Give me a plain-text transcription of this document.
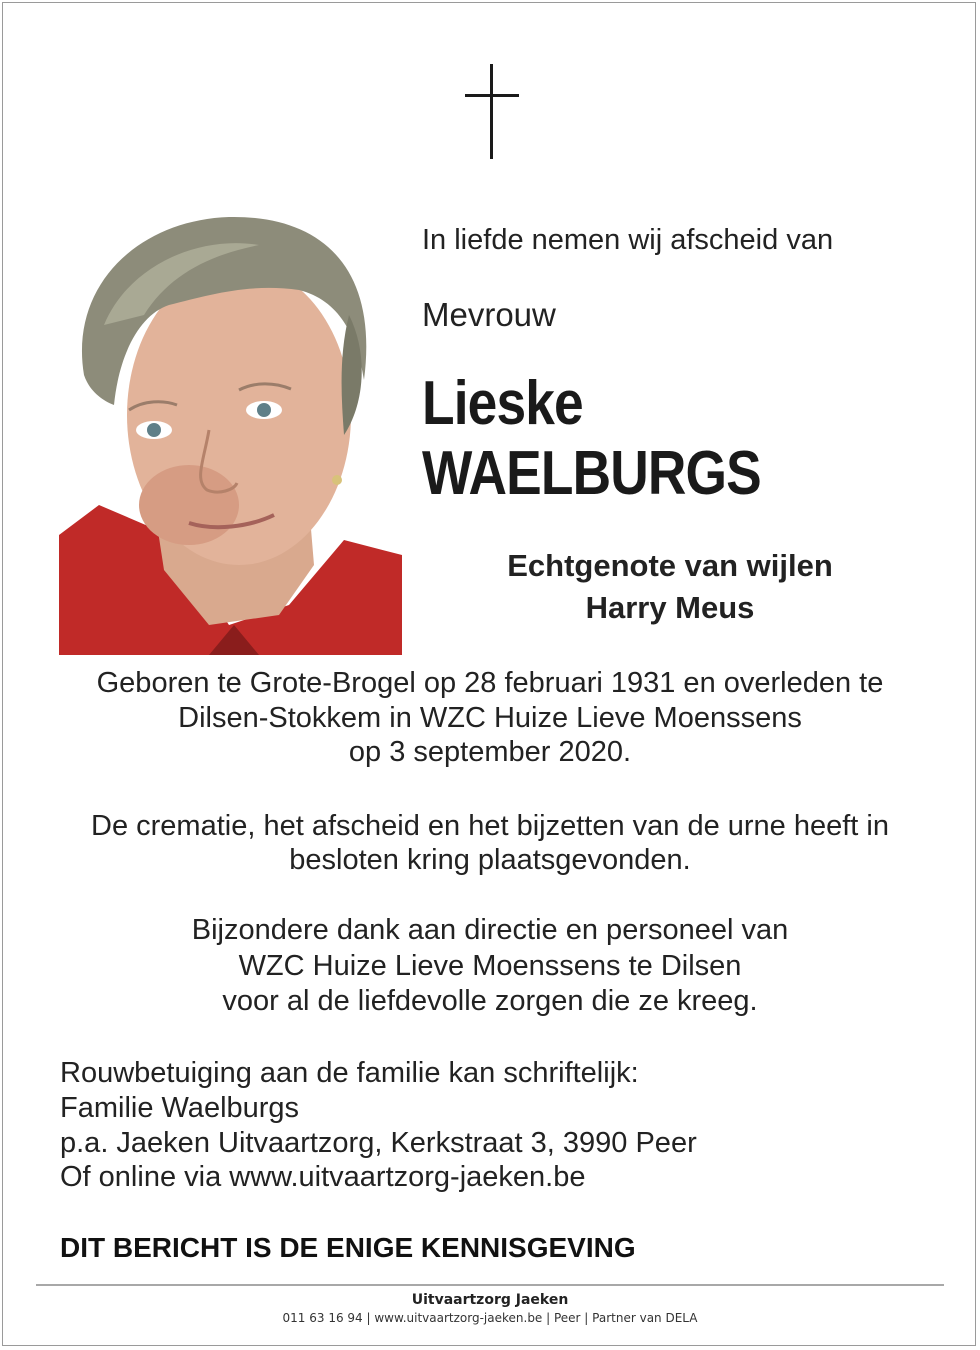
In liefde nemen wij afscheid van
Mevrouw
Lieske
WAELBURGS
Echtgenote van wijlen
Harry Meus
Geboren te Grote-Brogel op 28 februari 1931 en overleden te
Dilsen-Stokkem in WZC Huize Lieve Moenssens
op 3 september 2020.
De crematie, het afscheid en het bijzetten van de urne heeft in
besloten kring plaatsgevonden.
Bijzondere dank aan directie en personeel van
WZC Huize Lieve Moenssens te Dilsen
voor al de liefdevolle zorgen die ze kreeg.
Rouwbetuiging aan de familie kan schriftelijk:
Familie Waelburgs
p.a. Jaeken Uitvaartzorg, Kerkstraat 3, 3990 Peer
Of online via www.uitvaartzorg-jaeken.be
DIT BERICHT IS DE ENIGE KENNISGEVING
Uitvaartzorg Jaeken
011 63 16 94 | www.uitvaartzorg-jaeken.be | Peer | Partner van DELA
